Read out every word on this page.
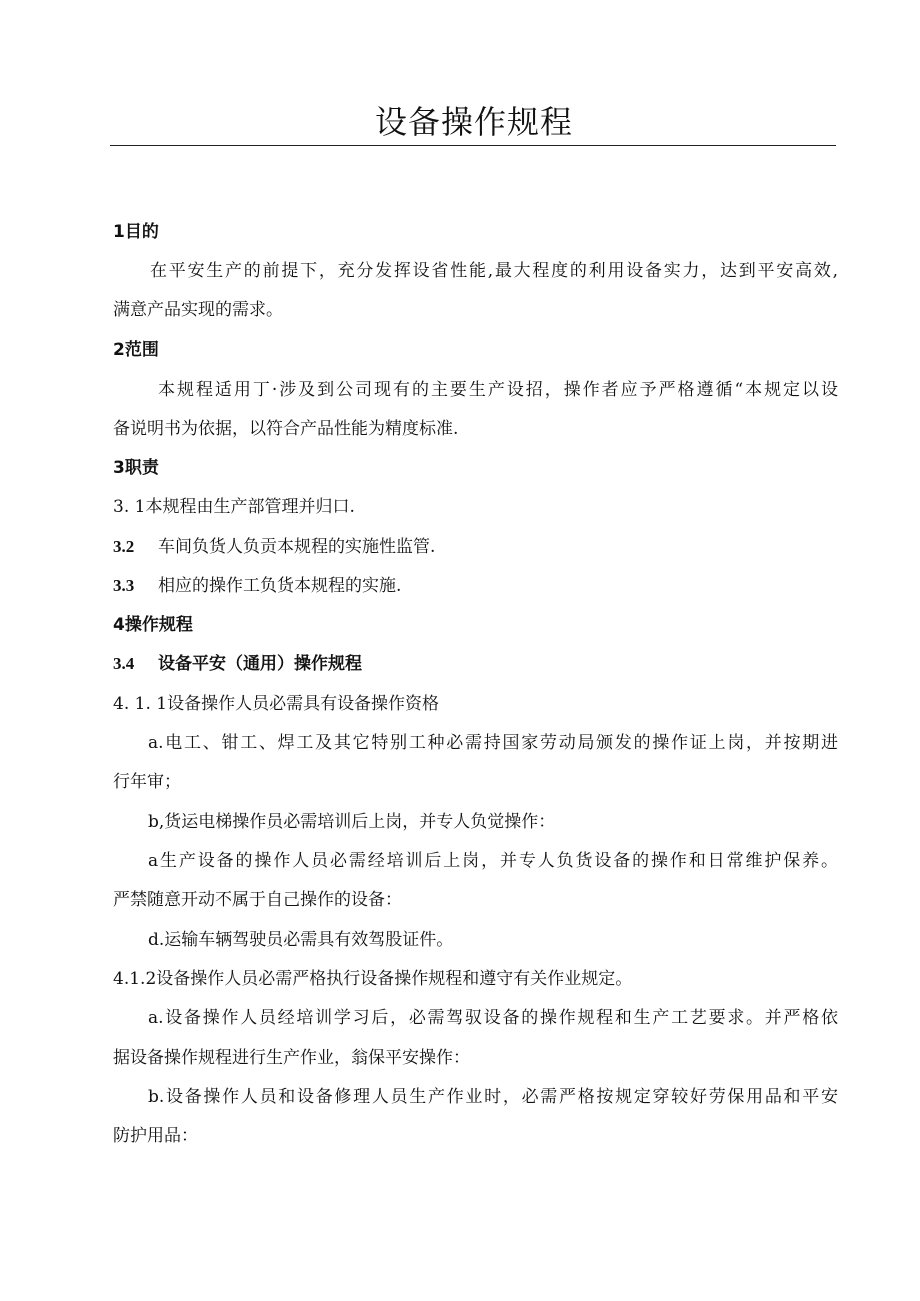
设备操作规程
1目的
在平安生产的前提下，充分发挥设省性能,最大程度的利用设备实力，达到平安高效,
满意产品实现的需求。
2范围
本规程适用丁·涉及到公司现有的主要生产设招，操作者应予严格遵循“本规定以设
备说明书为依据，以符合产品性能为精度标准.
3职责
3. 1本规程由生产部管理并归口.
3.2 车间负货人负贡本规程的实施性监管.
3.3 相应的操作工负货本规程的实施.
4操作规程
3.4 设备平安（通用）操作规程
4. 1. 1设备操作人员必需具有设备操作资格
a.电工、钳工、焊工及其它特别工种必需持国家劳动局颁发的操作证上岗，并按期进
行年审；
b,货运电梯操作员必需培训后上岗，并专人负觉操作：
a生产设备的操作人员必需经培训后上岗，并专人负货设备的操作和日常维护保养。
严禁随意开动不属于自己操作的设备：
d.运输车辆驾驶员必需具有效驾股证件。
4.1.2设备操作人员必需严格执行设备操作规程和遵守有关作业规定。
a.设备操作人员经培训学习后，必需驾驭设备的操作规程和生产工艺要求。并严格依
据设备操作规程进行生产作业，翁保平安操作：
b.设备操作人员和设备修理人员生产作业时，必需严格按规定穿较好劳保用品和平安
防护用品：
